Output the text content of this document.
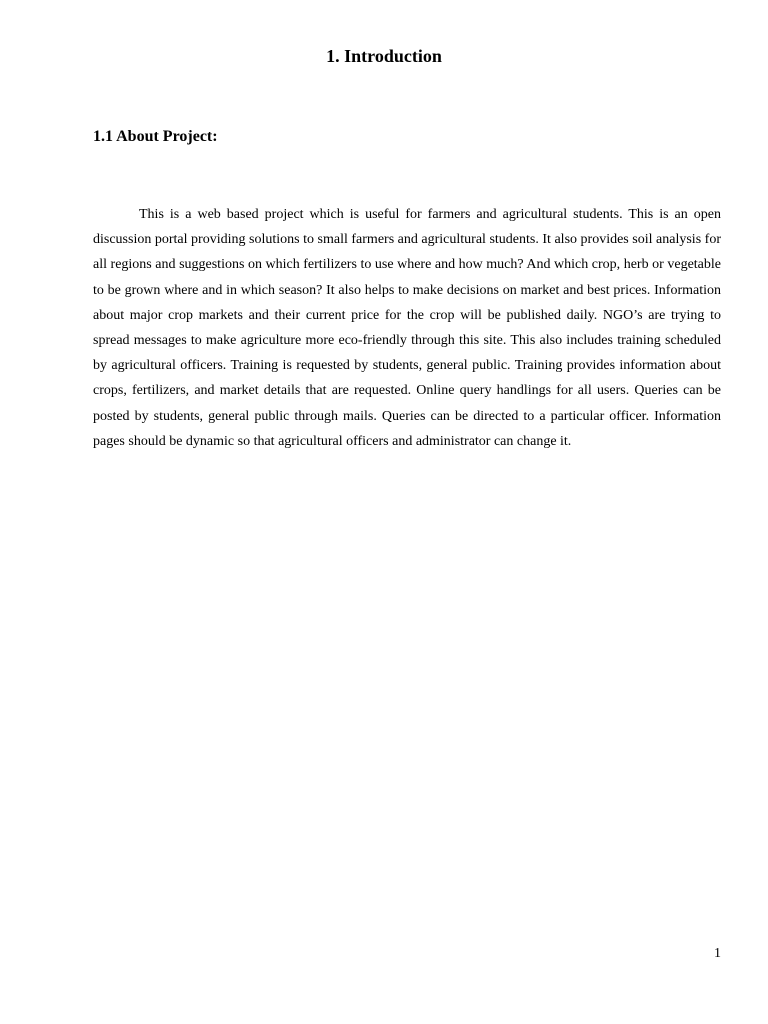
1. Introduction
1.1 About Project:

This is a web based project which is useful for farmers and agricultural students. This is an open discussion portal providing solutions to small farmers and agricultural students. It also provides soil analysis for all regions and suggestions on which fertilizers to use where and how much? And which crop, herb or vegetable to be grown where and in which season? It also helps to make decisions on market and best prices. Information about major crop markets and their current price for the crop will be published daily. NGO’s are trying to spread messages to make agriculture more eco-friendly through this site. This also includes training scheduled by agricultural officers. Training is requested by students, general public. Training provides information about crops, fertilizers, and market details that are requested. Online query handlings for all users. Queries can be posted by students, general public through mails. Queries can be directed to a particular officer. Information pages should be dynamic so that agricultural officers and administrator can change it.

1
